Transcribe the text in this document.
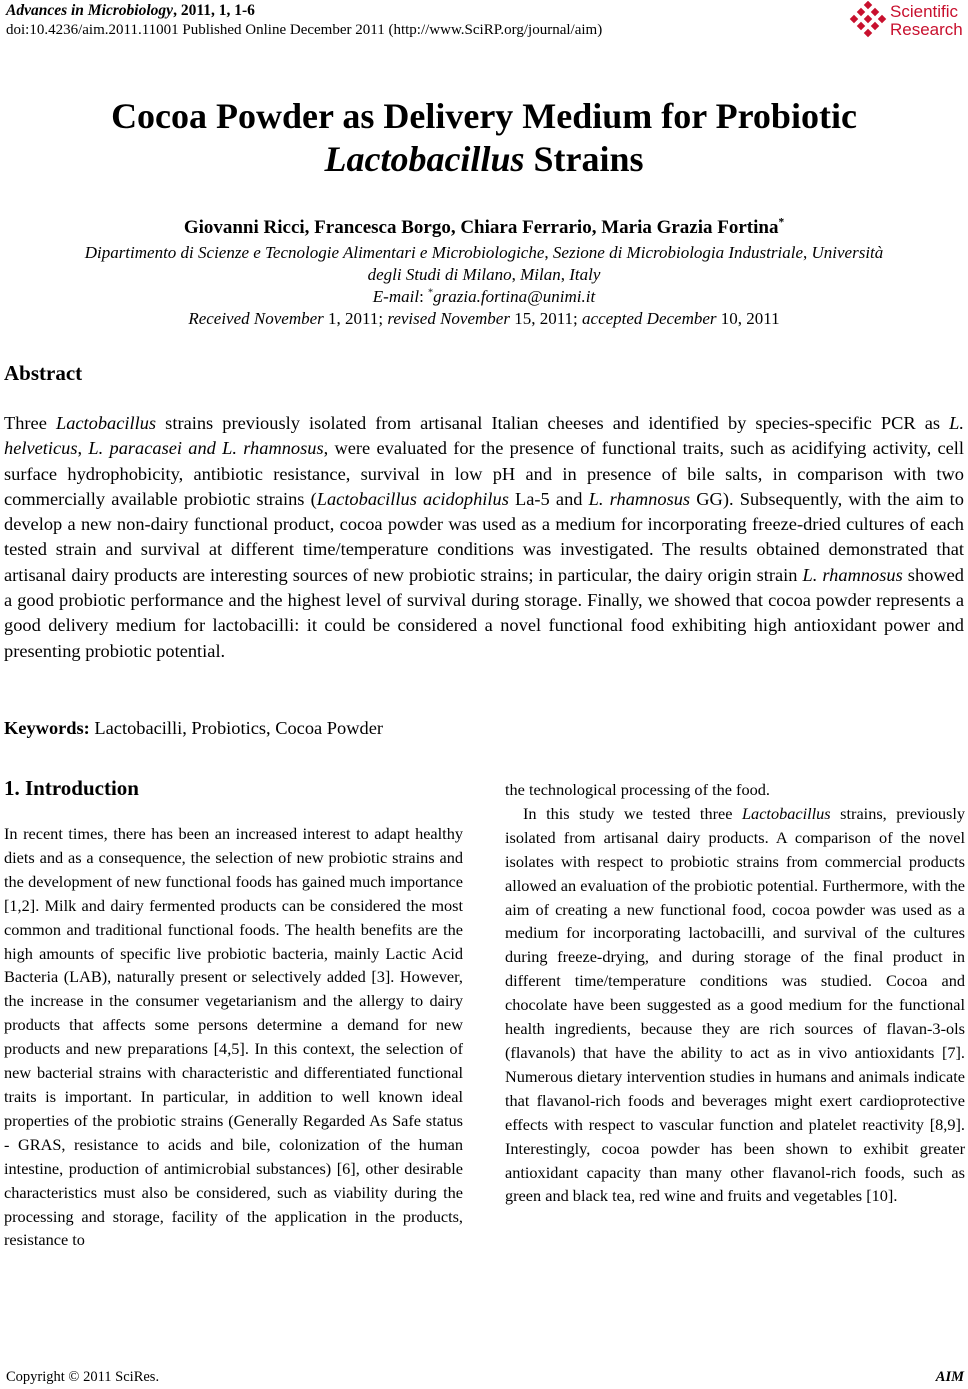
Advances in Microbiology, 2011, 1, 1-6
doi:10.4236/aim.2011.11001 Published Online December 2011 (http://www.SciRP.org/journal/aim)
Scientific
Research
Cocoa Powder as Delivery Medium for Probiotic
Lactobacillus Strains
Giovanni Ricci, Francesca Borgo, Chiara Ferrario, Maria Grazia Fortina*
Dipartimento di Scienze e Tecnologie Alimentari e Microbiologiche, Sezione di Microbiologia Industriale, Università
degli Studi di Milano, Milan, Italy
E-mail: *grazia.fortina@unimi.it
Received November 1, 2011; revised November 15, 2011; accepted December 10, 2011
Abstract
Three Lactobacillus strains previously isolated from artisanal Italian cheeses and identified by species-specific PCR as L. helveticus, L. paracasei and L. rhamnosus, were evaluated for the presence of functional traits, such as acidifying activity, cell surface hydrophobicity, antibiotic resistance, survival in low pH and in presence of bile salts, in comparison with two commercially available probiotic strains (Lactobacillus acidophilus La-5 and L. rhamnosus GG). Subsequently, with the aim to develop a new non-dairy functional product, cocoa powder was used as a medium for incorporating freeze-dried cultures of each tested strain and survival at different time/temperature conditions was investigated. The results obtained demonstrated that artisanal dairy products are interesting sources of new probiotic strains; in particular, the dairy origin strain L. rhamnosus showed a good probiotic performance and the highest level of survival during storage. Finally, we showed that cocoa powder represents a good delivery medium for lactobacilli: it could be considered a novel functional food exhibiting high antioxidant power and presenting probiotic potential.
Keywords: Lactobacilli, Probiotics, Cocoa Powder
1. Introduction

In recent times, there has been an increased interest to adapt healthy diets and as a consequence, the selection of new probiotic strains and the development of new functional foods has gained much importance [1,2]. Milk and dairy fermented products can be considered the most common and traditional functional foods. The health benefits are the high amounts of specific live probiotic bacteria, mainly Lactic Acid Bacteria (LAB), naturally present or selectively added [3]. However, the increase in the consumer vegetarianism and the allergy to dairy products that affects some persons determine a demand for new products and new preparations [4,5]. In this context, the selection of new bacterial strains with characteristic and differentiated functional traits is important. In particular, in addition to well known ideal properties of the probiotic strains (Generally Regarded As Safe status - GRAS, resistance to acids and bile, colonization of the human intestine, production of antimicrobial substances) [6], other desirable characteristics must also be considered, such as viability during the processing and storage, facility of the application in the products, resistance to

the technological processing of the food.

In this study we tested three Lactobacillus strains, previously isolated from artisanal dairy products. A comparison of the novel isolates with respect to probiotic strains from commercial products allowed an evaluation of the probiotic potential. Furthermore, with the aim of creating a new functional food, cocoa powder was used as a medium for incorporating lactobacilli, and survival of the cultures during freeze-drying, and during storage of the final product in different time/temperature conditions was studied. Cocoa and chocolate have been suggested as a good medium for the functional health ingredients, because they are rich sources of flavan-3-ols (flavanols) that have the ability to act as in vivo antioxidants [7]. Numerous dietary intervention studies in humans and animals indicate that flavanol-rich foods and beverages might exert cardioprotective effects with respect to vascular function and platelet reactivity [8,9]. Interestingly, cocoa powder has been shown to exhibit greater antioxidant capacity than many other flavanol-rich foods, such as green and black tea, red wine and fruits and vegetables [10].

Copyright © 2011 SciRes.	AIM
